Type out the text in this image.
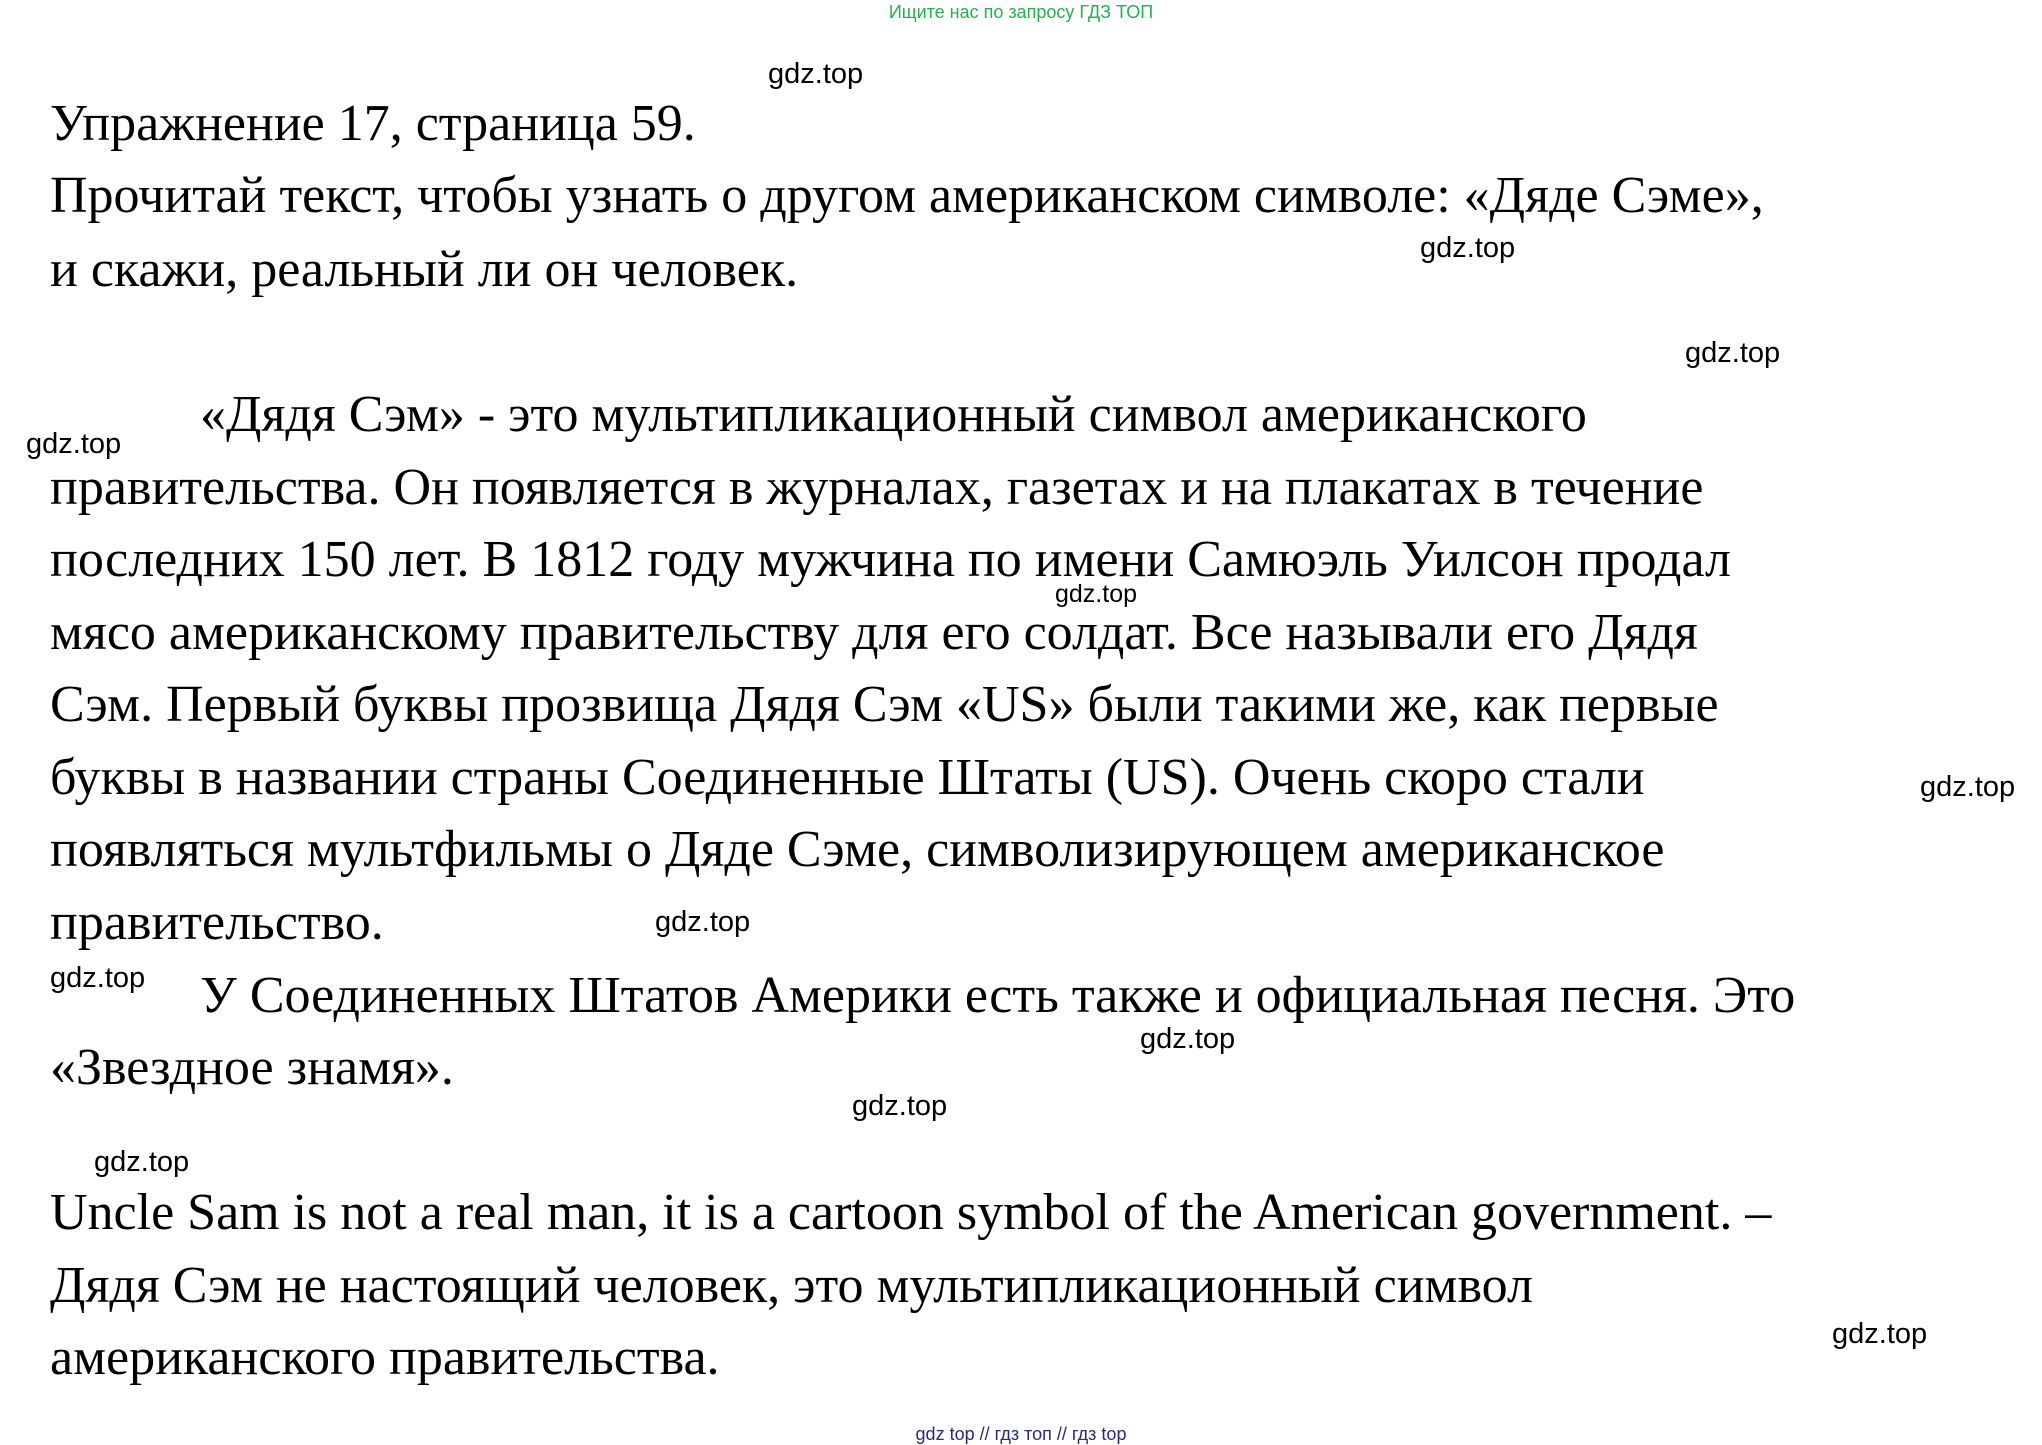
Ищите нас по запросу ГДЗ ТОП
gdz.top
gdz.top
gdz.top
gdz.top
gdz.top
gdz.top
gdz.top
gdz.top
gdz.top
gdz.top
gdz.top
gdz.top
Упражнение 17, страница 59.
Прочитай текст, чтобы узнать о другом американском символе: «Дяде Сэме»,
и скажи, реальный ли он человек.
«Дядя Сэм» - это мультипликационный символ американского
правительства. Он появляется в журналах, газетах и на плакатах в течение
последних 150 лет. В 1812 году мужчина по имени Самюэль Уилсон продал
мясо американскому правительству для его солдат. Все называли его Дядя
Сэм. Первый буквы прозвища Дядя Сэм «US» были такими же, как первые
буквы в названии страны Соединенные Штаты (US). Очень скоро стали
появляться мультфильмы о Дяде Сэме, символизирующем американское
правительство.
У Соединенных Штатов Америки есть также и официальная песня. Это
«Звездное знамя».
Uncle Sam is not a real man, it is a cartoon symbol of the American government. –
Дядя Сэм не настоящий человек, это мультипликационный символ
американского правительства.
gdz top // гдз топ // гдз top
